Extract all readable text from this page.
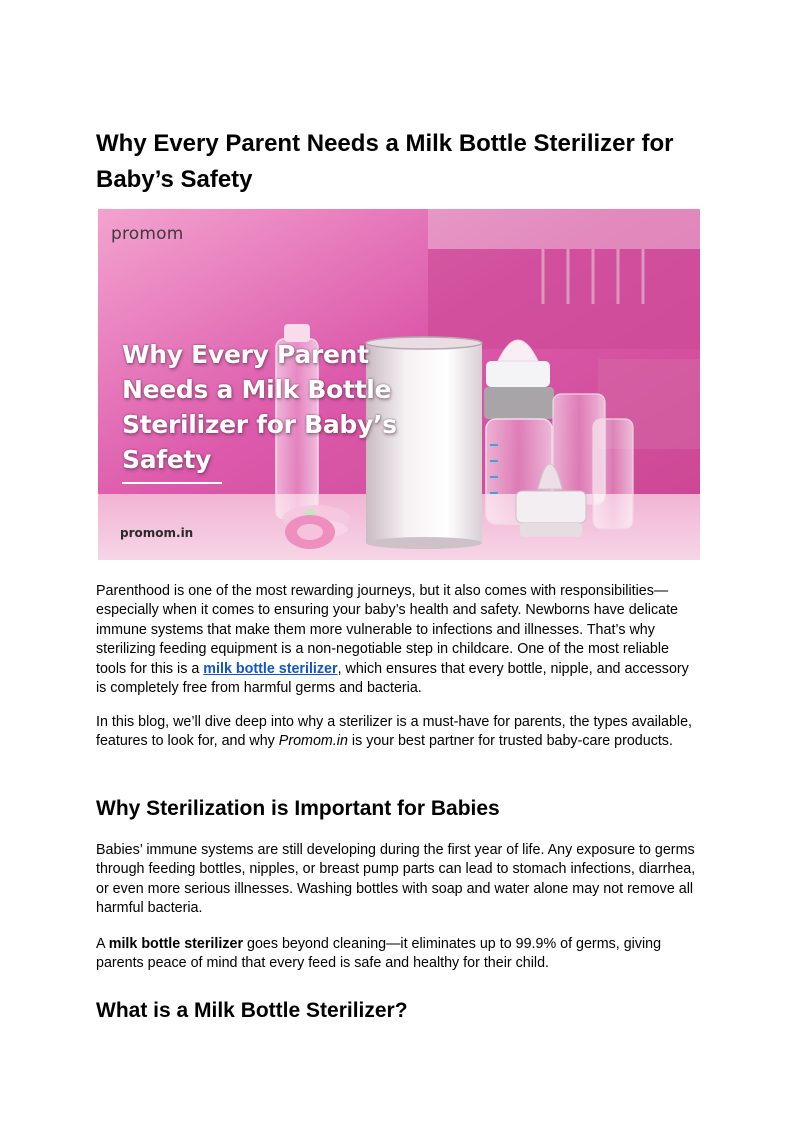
Why Every Parent Needs a Milk Bottle Sterilizer for Baby’s Safety
promom
Why Every Parent Needs a Milk Bottle Sterilizer for Baby’s Safety
promom.in

Parenthood is one of the most rewarding journeys, but it also comes with responsibilities—especially when it comes to ensuring your baby’s health and safety. Newborns have delicate immune systems that make them more vulnerable to infections and illnesses. That’s why sterilizing feeding equipment is a non-negotiable step in childcare. One of the most reliable tools for this is a milk bottle sterilizer, which ensures that every bottle, nipple, and accessory is completely free from harmful germs and bacteria.

In this blog, we’ll dive deep into why a sterilizer is a must-have for parents, the types available, features to look for, and why Promom.in is your best partner for trusted baby-care products.

Why Sterilization is Important for Babies

Babies’ immune systems are still developing during the first year of life. Any exposure to germs through feeding bottles, nipples, or breast pump parts can lead to stomach infections, diarrhea, or even more serious illnesses. Washing bottles with soap and water alone may not remove all harmful bacteria.

A milk bottle sterilizer goes beyond cleaning—it eliminates up to 99.9% of germs, giving parents peace of mind that every feed is safe and healthy for their child.

What is a Milk Bottle Sterilizer?
